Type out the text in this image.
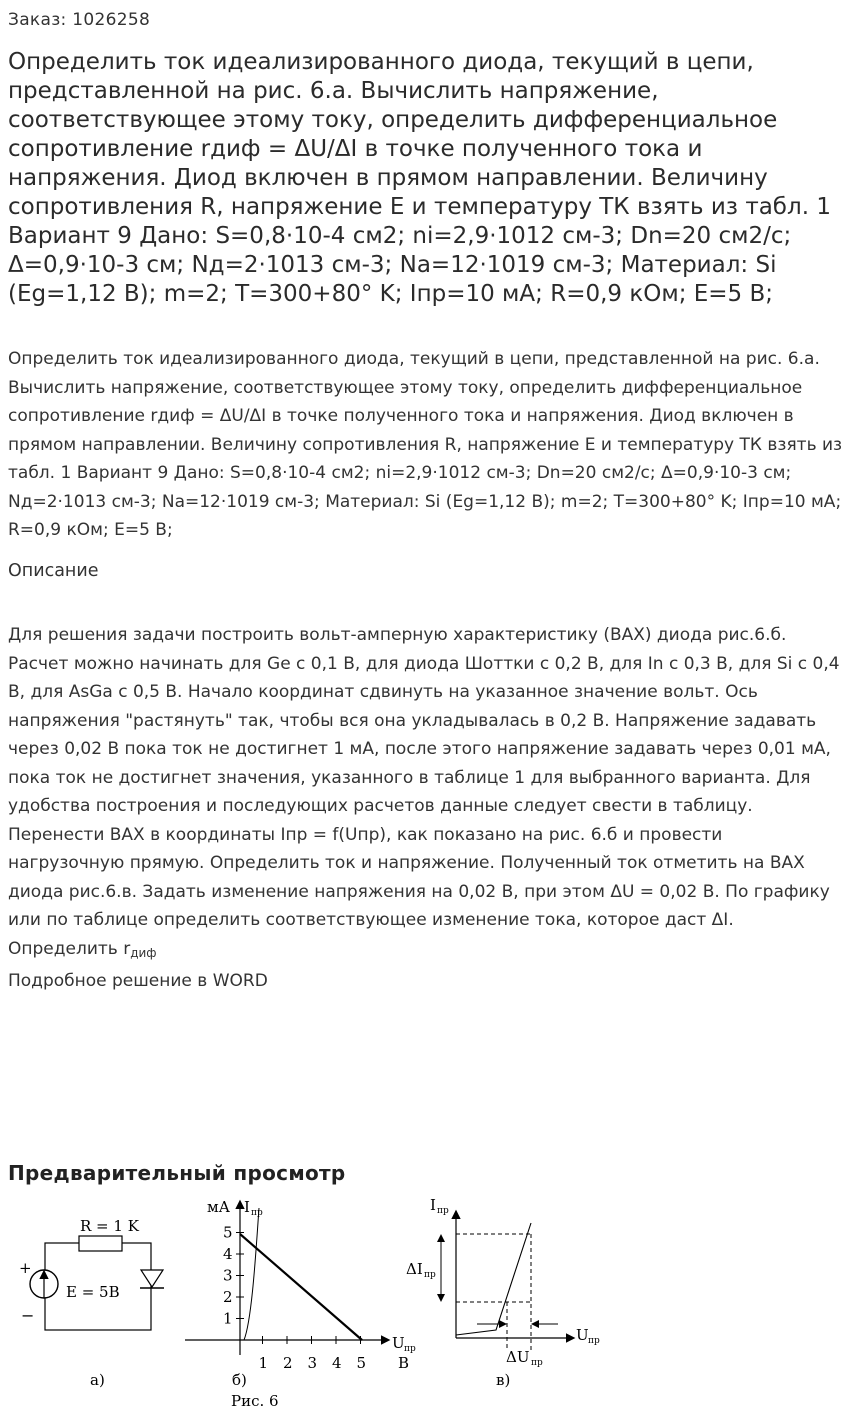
Заказ: 1026258
Определить ток идеализированного диода, текущий в цепи, представленной на рис. 6.а. Вычислить напряжение, соответствующее этому току, определить дифференциальное сопротивление rдиф = ΔU/ΔI в точке полученного тока и напряжения. Диод включен в прямом направлении. Величину сопротивления R, напряжение E и температуру ТК взять из табл. 1 Вариант 9 Дано: S=0,8·10-4 см2; ni=2,9·1012 см-3; Dn=20 см2/с; Δ=0,9·10-3 см; Nд=2·1013 см-3; Na=12·1019 см-3; Материал: Si (Eg=1,12 В); m=2; T=300+80° K; Iпр=10 мА; R=0,9 кОм; E=5 В;
Определить ток идеализированного диода, текущий в цепи, представленной на рис. 6.а. Вычислить напряжение, соответствующее этому току, определить дифференциальное сопротивление rдиф = ΔU/ΔI в точке полученного тока и напряжения. Диод включен в прямом направлении. Величину сопротивления R, напряжение E и температуру ТК взять из табл. 1 Вариант 9 Дано: S=0,8·10-4 см2; ni=2,9·1012 см-3; Dn=20 см2/с; Δ=0,9·10-3 см; Nд=2·1013 см-3; Na=12·1019 см-3; Материал: Si (Eg=1,12 В); m=2; T=300+80° K; Iпр=10 мА; R=0,9 кОм; E=5 В;
Описание
Для решения задачи построить вольт-амперную характеристику (ВАХ) диода рис.6.б. Расчет можно начинать для Ge с 0,1 В, для диода Шоттки с 0,2 В, для In с 0,3 В, для Si с 0,4 В, для AsGa с 0,5 В. Начало координат сдвинуть на указанное значение вольт. Ось напряжения "растянуть" так, чтобы вся она укладывалась в 0,2 В. Напряжение задавать через 0,02 В пока ток не достигнет 1 мА, после этого напряжение задавать через 0,01 мА, пока ток не достигнет значения, указанного в таблице 1 для выбранного варианта. Для удобства построения и последующих расчетов данные следует свести в таблицу. Перенести ВАХ в координаты Iпр = f(Uпр), как показано на рис. 6.б и провести нагрузочную прямую. Определить ток и напряжение. Полученный ток отметить на ВАХ диода рис.6.в. Задать изменение напряжения на 0,02 В, при этом ΔU = 0,02 В. По графику или по таблице определить соответствующее изменение тока, которое даст ΔI. Определить $r_{диф}$
Подробное решение в WORD
Предварительный просмотр
R = 1 K
+
−
E = 5B
а)
мА I пр
U пр
В
1
2
3
4
5
1 2 3 4 5
б)
Рис. 6
I пр
U пр
ΔI пр
ΔU пр
в)
